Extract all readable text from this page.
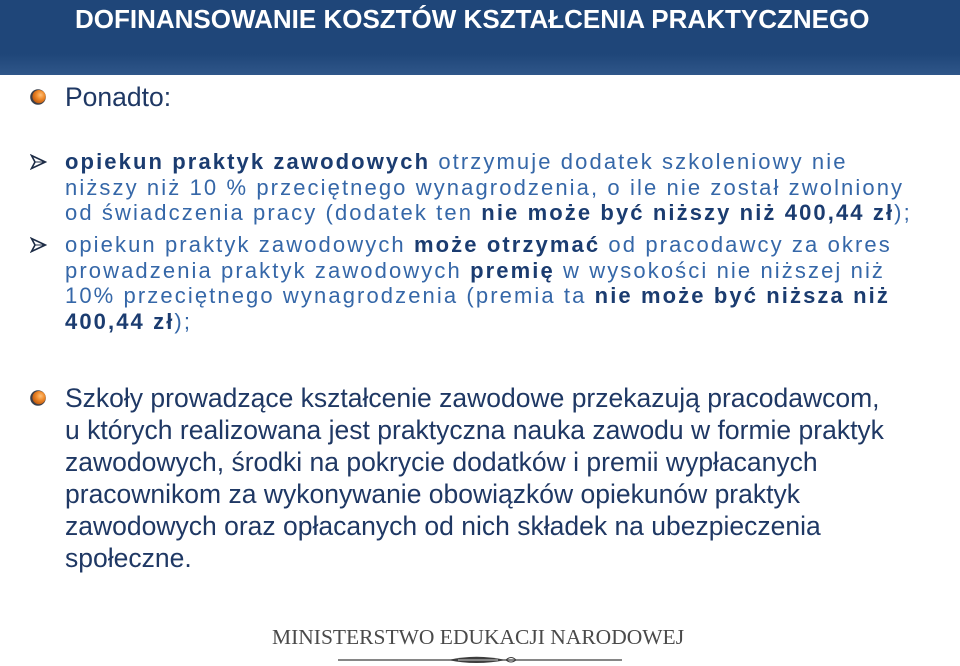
DOFINANSOWANIE KOSZTÓW KSZTAŁCENIA PRAKTYCZNEGO
Ponadto:
opiekun praktyk zawodowych otrzymuje dodatek szkoleniowy nie
niższy niż 10 % przeciętnego wynagrodzenia, o ile nie został zwolniony
od świadczenia pracy (dodatek ten nie może być niższy niż 400,44 zł);
opiekun praktyk zawodowych może otrzymać od pracodawcy za okres
prowadzenia praktyk zawodowych premię w wysokości nie niższej niż
10% przeciętnego wynagrodzenia (premia ta nie może być niższa niż
400,44 zł);
Szkoły prowadzące kształcenie zawodowe przekazują pracodawcom,
u których realizowana jest praktyczna nauka zawodu w formie praktyk
zawodowych, środki na pokrycie dodatków i premii wypłacanych
pracownikom za wykonywanie obowiązków opiekunów praktyk
zawodowych oraz opłacanych od nich składek na ubezpieczenia
społeczne.
MINISTERSTWO EDUKACJI NARODOWEJ
